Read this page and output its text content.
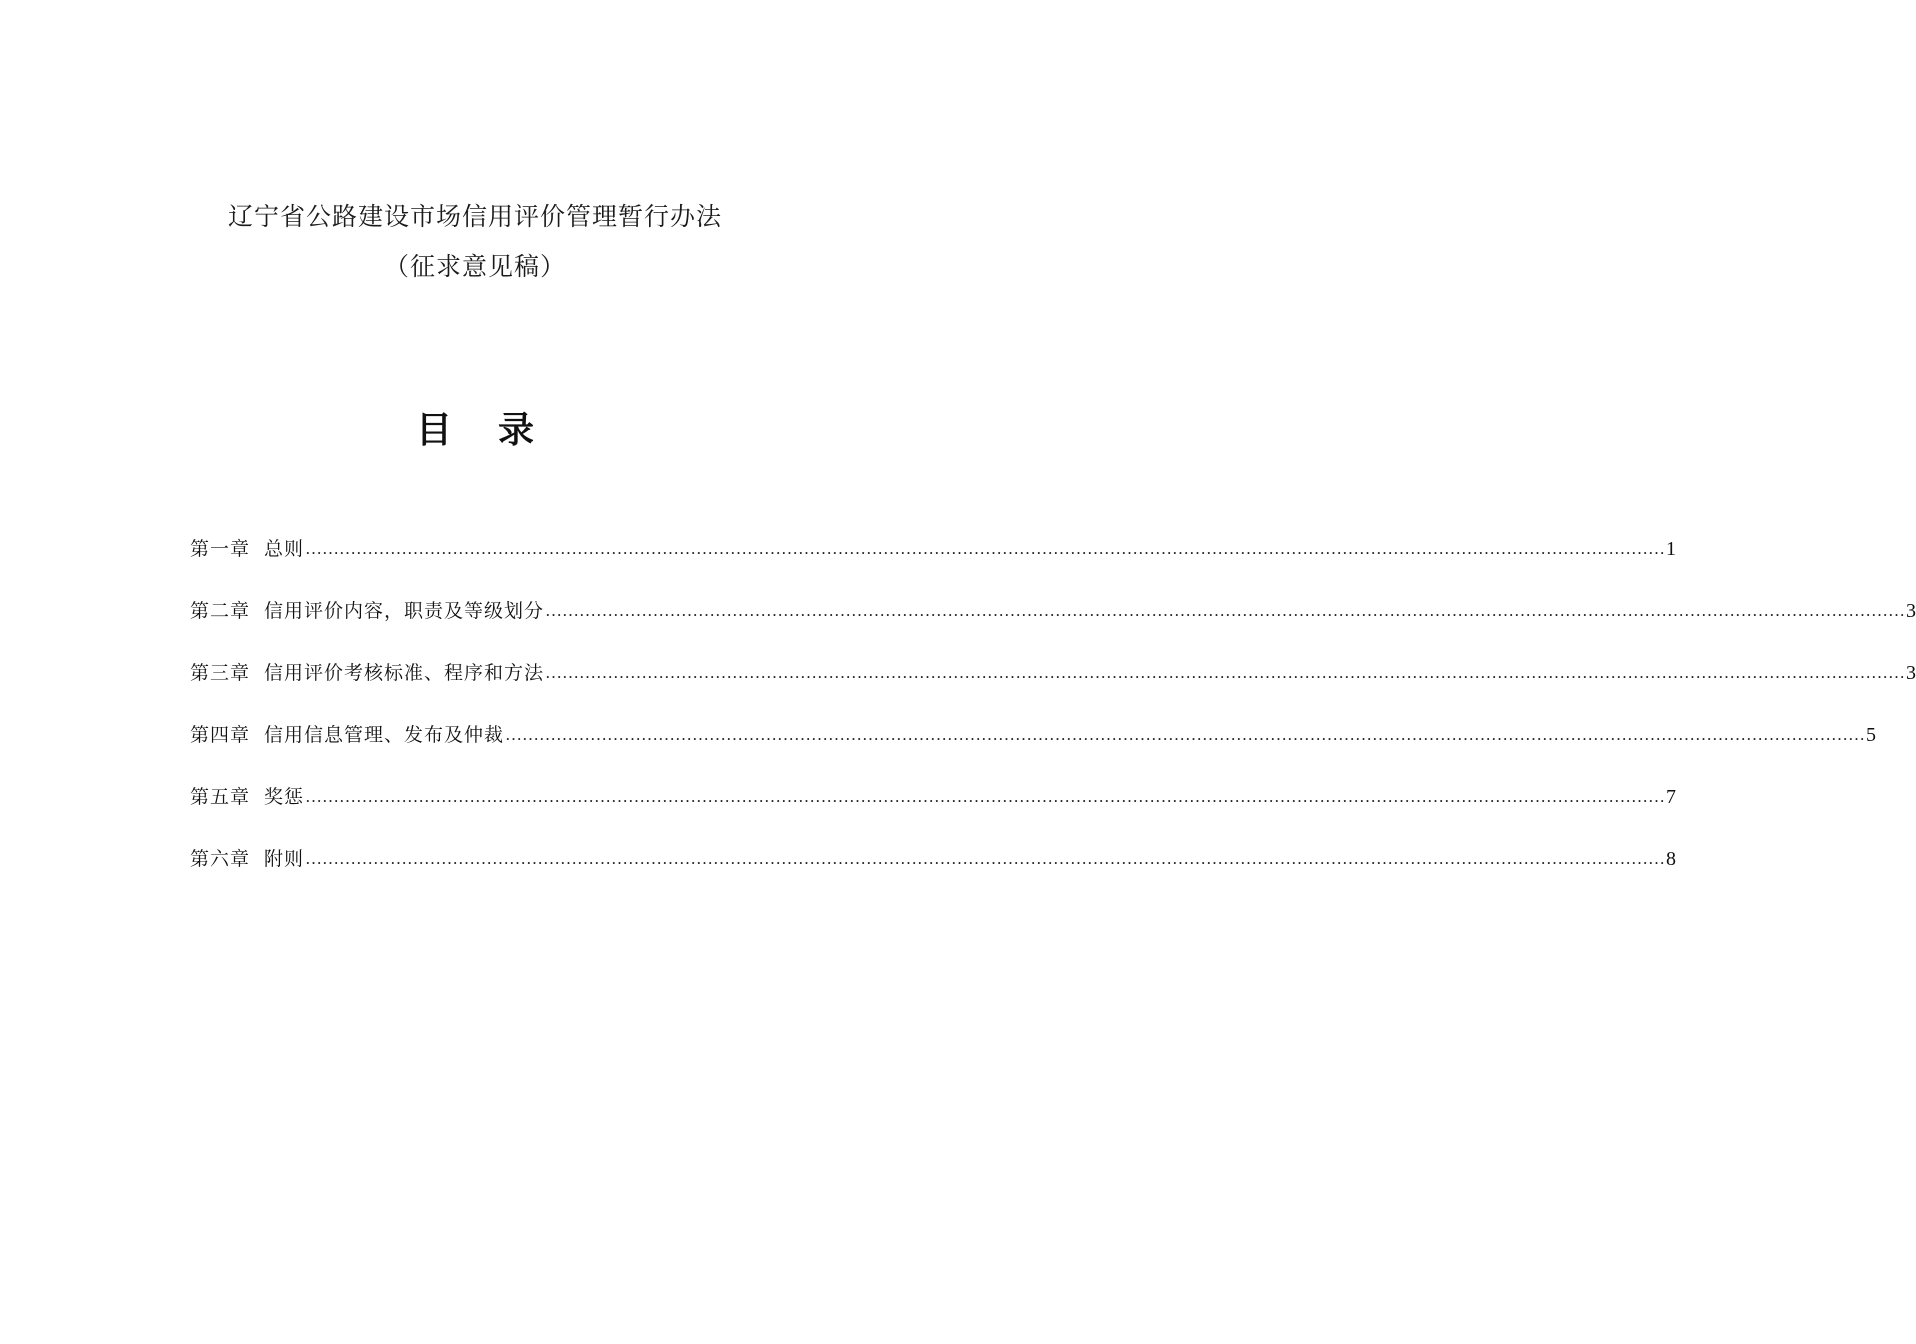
辽宁省公路建设市场信用评价管理暂行办法
（征求意见稿）
目录
第一章 总则 …………………………………………………………………………………………………………………………………………………………………………………………………………………… 1
第二章 信用评价内容，职责及等级划分 …………………………………………………………………………………………………………………………………………………………………………………………………………………… 3
第三章 信用评价考核标准、程序和方法 …………………………………………………………………………………………………………………………………………………………………………………………………………………… 3
第四章 信用信息管理、发布及仲裁 …………………………………………………………………………………………………………………………………………………………………………………………………………………… 5
第五章 奖惩 …………………………………………………………………………………………………………………………………………………………………………………………………………………… 7
第六章 附则 …………………………………………………………………………………………………………………………………………………………………………………………………………………… 8
